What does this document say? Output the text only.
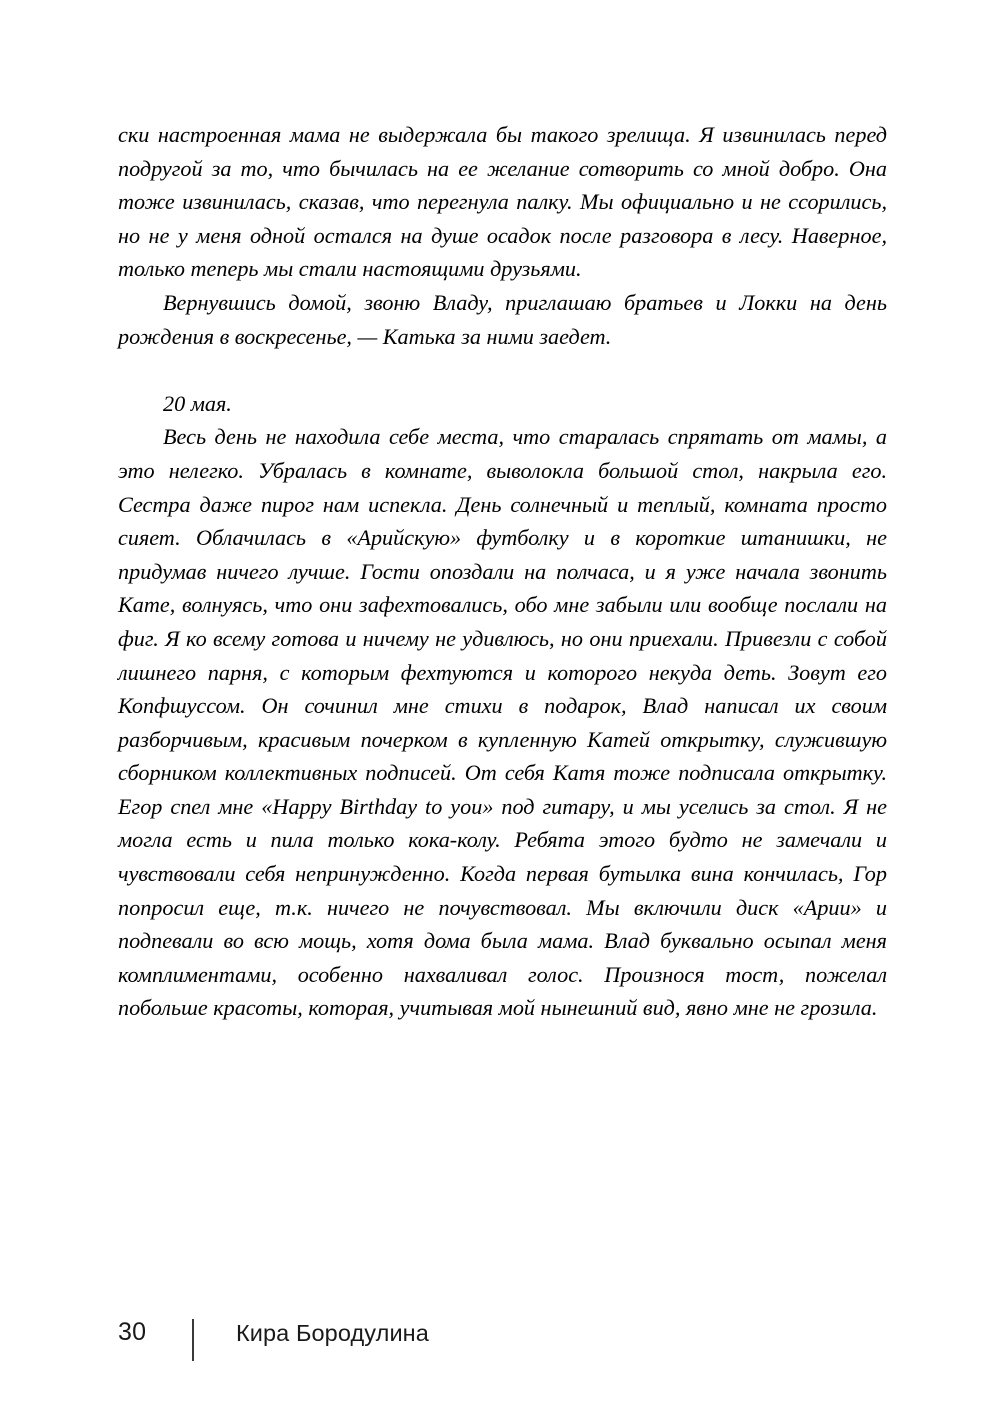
ски настроенная мама не выдержала бы такого зрелища. Я извинилась перед подругой за то, что бычилась на ее желание сотворить со мной добро. Она тоже извинилась, сказав, что перегнула палку. Мы официально и не ссорились, но не у меня одной остался на душе осадок после разговора в лесу. Наверное, только теперь мы стали настоящими друзьями.

Вернувшись домой, звоню Владу, приглашаю братьев и Локки на день рождения в воскресенье, — Катька за ними заедет.

20 мая.

Весь день не находила себе места, что старалась спрятать от мамы, а это нелегко. Убралась в комнате, выволокла большой стол, накрыла его. Сестра даже пирог нам испекла. День солнечный и теплый, комната просто сияет. Облачилась в «Арийскую» футболку и в короткие штанишки, не придумав ничего лучше. Гости опоздали на полчаса, и я уже начала звонить Кате, волнуясь, что они зафехтовались, обо мне забыли или вообще послали на фиг. Я ко всему готова и ничему не удивлюсь, но они приехали. Привезли с собой лишнего парня, с которым фехтуются и которого некуда деть. Зовут его Копфшуссом. Он сочинил мне стихи в подарок, Влад написал их своим разборчивым, красивым почерком в купленную Катей открытку, служившую сборником коллективных подписей. От себя Катя тоже подписала открытку. Егор спел мне «Happy Birthday to you» под гитару, и мы уселись за стол. Я не могла есть и пила только кока-колу. Ребята этого будто не замечали и чувствовали себя непринужденно. Когда первая бутылка вина кончилась, Гор попросил еще, т.к. ничего не почувствовал. Мы включили диск «Арии» и подпевали во всю мощь, хотя дома была мама. Влад буквально осыпал меня комплиментами, особенно нахваливал голос. Произнося тост, пожелал побольше красоты, которая, учитывая мой нынешний вид, явно мне не грозила.

30	Кира Бородулина
